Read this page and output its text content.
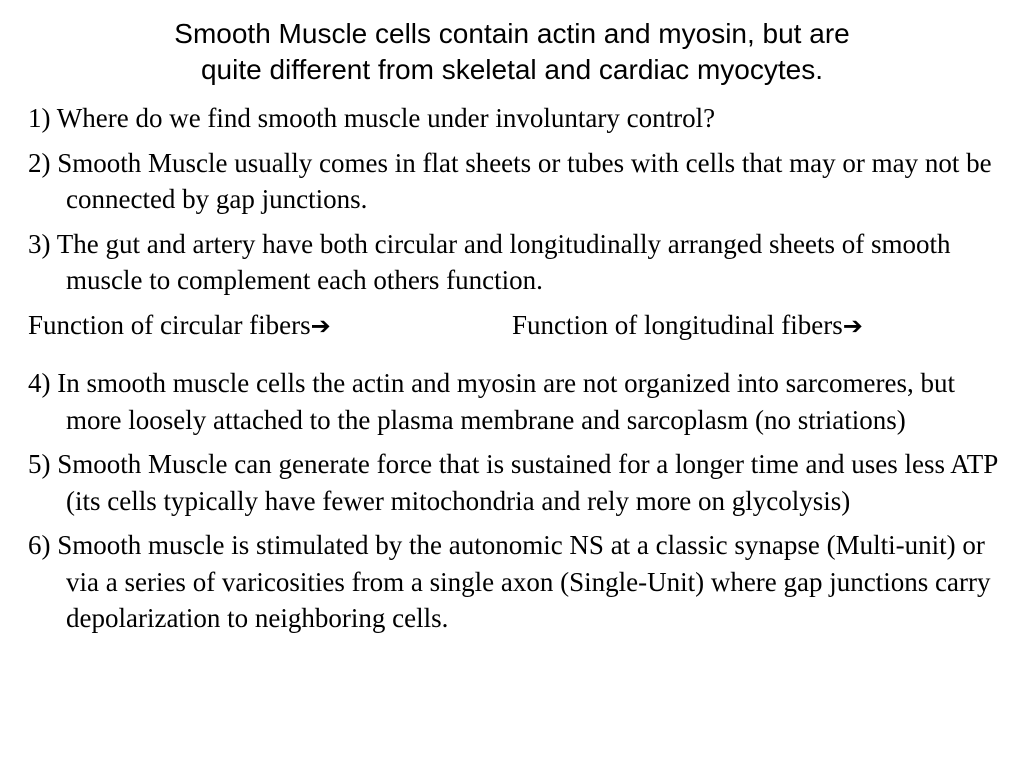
Smooth Muscle cells contain actin and myosin, but are
quite different from skeletal and cardiac myocytes.
1) Where do we find smooth muscle under involuntary control?
2) Smooth Muscle usually comes in flat sheets or tubes with cells that may or may not be connected by gap junctions.
3) The gut and artery have both circular and longitudinally arranged sheets of smooth muscle to complement each others function.
Function of circular fibers➔	Function of longitudinal fibers➔
4) In smooth muscle cells the actin and myosin are not organized into sarcomeres, but more loosely attached to the plasma membrane and sarcoplasm (no striations)
5) Smooth Muscle can generate force that is sustained for a longer time and uses less ATP (its cells typically have fewer mitochondria and rely more on glycolysis)
6) Smooth muscle is stimulated by the autonomic NS at a classic synapse (Multi-unit) or via a series of varicosities from a single axon (Single-Unit) where gap junctions carry depolarization to neighboring cells.
